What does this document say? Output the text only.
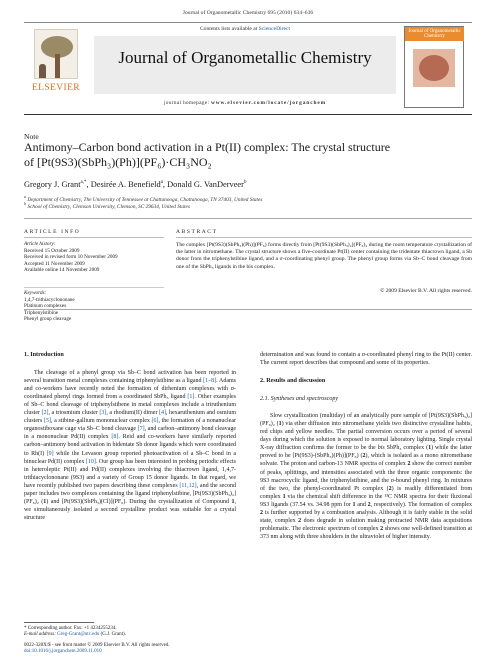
Journal of Organometallic Chemistry 695 (2010) 634–636
ELSEVIER
Contents lists available at ScienceDirect
Journal of Organometallic Chemistry
journal homepage: www.elsevier.com/locate/jorganchem
Journal of Organometallic Chemistry
Note
Antimony–Carbon bond activation in a Pt(II) complex: The crystal structure
of [Pt(9S3)(SbPh₃)(Ph)](PF₆)·CH₃NO₂
Gregory J. Grant$^{a,*}$, Desirée A. Benefield$^a$, Donald G. VanDerveer$^b$
$^a$ Department of Chemistry, The University of Tennessee at Chattanooga, Chattanooga, TN 37403, United States
$^b$ School of Chemistry, Clemson University, Clemson, SC 29634, United States
ARTICLE INFO	ABSTRACT
Article history:
Received 15 October 2009
Received in revised form 10 November 2009
Accepted 11 November 2009
Available online 14 November 2009
Keywords:
1,4,7-trithiacyclononane
Platinum complexes
Triphenylstibine
Phenyl group cleavage
The complex [Pt(9S3)(SbPh₃)(Ph)](PF₆) forms directly from [Pt(9S3)(SbPh₃)₂](PF₆)₂ during the room temperature crystallization of the latter in nitromethane. The crystal structure shows a five-coordinate Pt(II) center containing the tridentate thiacrown ligand, a Sb donor from the triphenylstibine ligand, and a σ-coordinating phenyl group. The phenyl group forms via Sb–C bond cleavage from one of the SbPh₃ ligands in the bis complex.
© 2009 Elsevier B.V. All rights reserved.
1. Introduction

The cleavage of a phenyl group via Sb–C bond activation has been reported in several transition metal complexes containing triphenylstibine as a ligand [1–8]. Adams and co-workers have recently noted the formation of dirhenium complexes with σ-coordinated phenyl rings formed from a coordinated SbPh₃ ligand [1]. Other examples of Sb–C bond cleavage of triphenylstibene in metal complexes include a triruthenium cluster [2], a triosmium cluster [3], a rhodium(II) dimer [4], hexaruthenium and osmium clusters [5], a stibine-gallium mononuclear complex [6], the formation of a nonanuclear organostiboxane cage via Sb–C bond cleavage [7], and carbon–antimony bond cleavage in a mononuclear Pd(II) complex [8]. Reid and co-workers have similarly reported carbon–antimony bond activation in bidentate Sb donor ligands which were coordinated to Rh(I) [9] while the Levason group reported photoactivation of a Sb–C bond in a binuclear Pd(II) complex [10]. Our group has been interested in probing periodic effects in heteroleptic Pt(II) and Pd(II) complexes involving the thiacrown ligand, 1,4,7-trithiacyclononane (9S3) and a variety of Group 15 donor ligands. In that regard, we have recently published two papers describing these complexes [11,12], and the second paper includes two complexes containing the ligand triphenylstibine, [Pt(9S3)(SbPh₃)₂](PF₆)₂ (1) and [Pt(9S3)(SbPh₃)(Cl)](PF₆). During the crystallization of Compound 1, we simultaneously isolated a second crystalline product was suitable for a crystal structure

determination and was found to contain a σ-coordinated phenyl ring to the Pt(II) center. The current report describes that compound and some of its properties.

2. Results and discussion
2.1. Syntheses and spectroscopy

Slow crystallization (multiday) of an analytically pure sample of [Pt(9S3)(SbPh₃)₂](PF₆)₂ (1) via ether diffusion into nitromethane yields two distinctive crystalline habits, red chips and yellow needles. The partial conversion occurs over a period of several days during which the solution is exposed to normal laboratory lighting. Single crystal X-ray diffraction confirms the former to be the bis SbPh₃ complex (1) while the latter proved to be [Pt(9S3)-(SbPh₃)(Ph)](PF₆) (2), which is isolated as a mono nitromethane solvate. The proton and carbon-13 NMR spectra of complex 2 show the correct number of peaks, splittings, and intensities associated with the three organic components: the 9S3 macrocyclic ligand, the triphenylstibine, and the σ-bound phenyl ring. In mixtures of the two, the phenyl-coordinated Pt complex (2) is readily differentiated from complex 1 via the chemical shift difference in the ¹³C NMR spectra for their fluxional 9S3 ligands (37.54 vs. 34.98 ppm for 1 and 2, respectively). The formation of complex 2 is further supported by a combustion analysis. Although it is fairly stable in the solid state, complex 2 does degrade in solution making protracted NMR data acquisitions problematic. The electronic spectrum of complex 2 shows one well-defined transition at 373 nm along with three shoulders in the ultraviolet of higher intensity.

* Corresponding author. Fax: +1 4234255234.
E-mail address: Greg-Grant@utc.edu (G.J. Grant).
0022-328X/$ - see front matter © 2009 Elsevier B.V. All rights reserved.
doi:10.1016/j.jorganchem.2009.11.010
